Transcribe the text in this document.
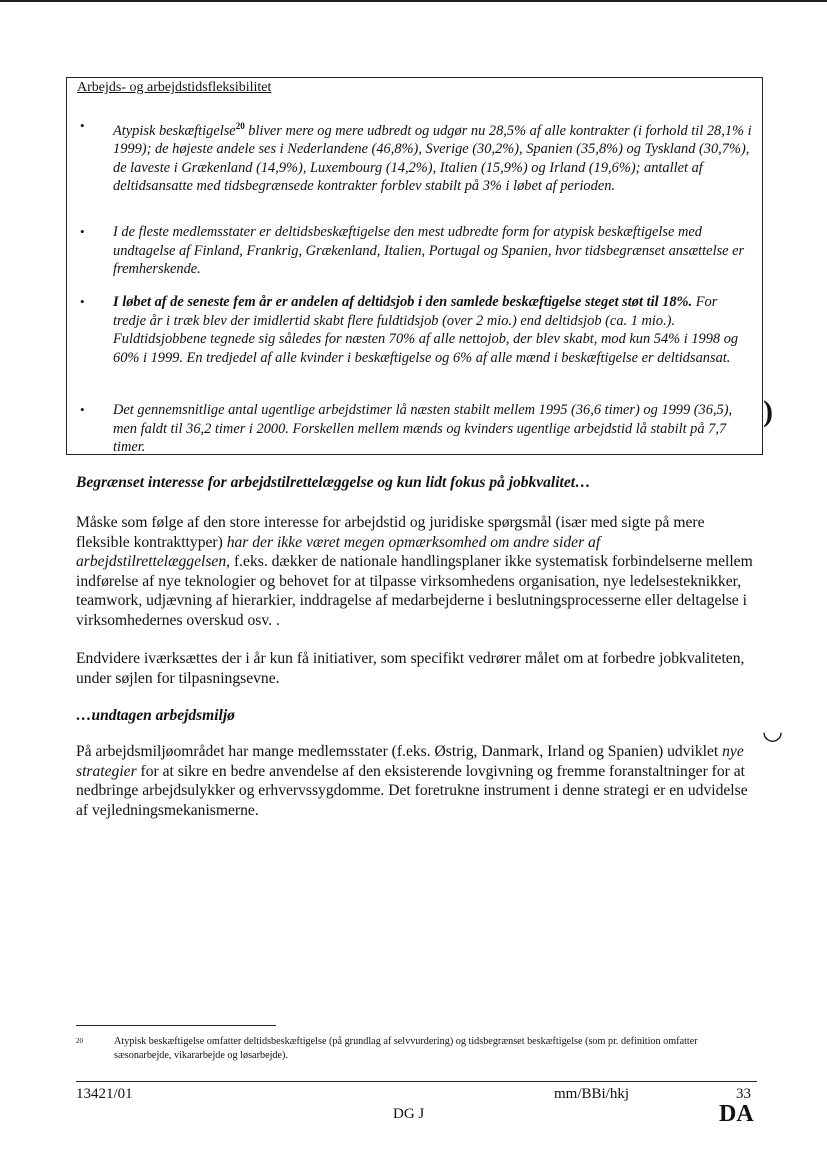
Arbejds- og arbejdstidsfleksibilitet
• Atypisk beskæftigelse$^{20}$ bliver mere og mere udbredt og udgør nu 28,5% af alle kontrakter (i forhold til 28,1% i 1999); de højeste andele ses i Nederlandene (46,8%), Sverige (30,2%), Spanien (35,8%) og Tyskland (30,7%), de laveste i Grækenland (14,9%), Luxembourg (14,2%), Italien (15,9%) og Irland (19,6%); antallet af deltidsansatte med tidsbegrænsede kontrakter forblev stabilt på 3% i løbet af perioden.
• I de fleste medlemsstater er deltidsbeskæftigelse den mest udbredte form for atypisk beskæftigelse med undtagelse af Finland, Frankrig, Grækenland, Italien, Portugal og Spanien, hvor tidsbegrænset ansættelse er fremherskende.
• I løbet af de seneste fem år er andelen af deltidsjob i den samlede beskæftigelse steget støt til 18%. For tredje år i træk blev der imidlertid skabt flere fuldtidsjob (over 2 mio.) end deltidsjob (ca. 1 mio.). Fuldtidsjobbene tegnede sig således for næsten 70% af alle nettojob, der blev skabt, mod kun 54% i 1998 og 60% i 1999. En tredjedel af alle kvinder i beskæftigelse og 6% af alle mænd i beskæftigelse er deltidsansat.
• Det gennemsnitlige antal ugentlige arbejdstimer lå næsten stabilt mellem 1995 (36,6 timer) og 1999 (36,5), men faldt til 36,2 timer i 2000. Forskellen mellem mænds og kvinders ugentlige arbejdstid lå stabilt på 7,7 timer.
)
Begrænset interesse for arbejdstilrettelæggelse og kun lidt fokus på jobkvalitet…
Måske som følge af den store interesse for arbejdstid og juridiske spørgsmål (især med sigte på mere fleksible kontrakttyper) har der ikke været megen opmærksomhed om andre sider af arbejdstilrettelæggelsen, f.eks. dækker de nationale handlingsplaner ikke systematisk forbindelserne mellem indførelse af nye teknologier og behovet for at tilpasse virksomhedens organisation, nye ledelsesteknikker, teamwork, udjævning af hierarkier, inddragelse af medarbejderne i beslutningsprocesserne eller deltagelse i virksomhedernes overskud osv. .
Endvidere iværksættes der i år kun få initiativer, som specifikt vedrører målet om at forbedre jobkvaliteten, under søjlen for tilpasningsevne.
…undtagen arbejdsmiljø
◡
På arbejdsmiljøområdet har mange medlemsstater (f.eks. Østrig, Danmark, Irland og Spanien) udviklet nye strategier for at sikre en bedre anvendelse af den eksisterende lovgivning og fremme foranstaltninger for at nedbringe arbejdsulykker og erhvervssygdomme. Det foretrukne instrument i denne strategi er en udvidelse af vejledningsmekanismerne.
20	Atypisk beskæftigelse omfatter deltidsbeskæftigelse (på grundlag af selvvurdering) og tidsbegrænset beskæftigelse (som pr. definition omfatter sæsonarbejde, vikararbejde og løsarbejde).
13421/01
DG J
mm/BBi/hkj	33
DA
